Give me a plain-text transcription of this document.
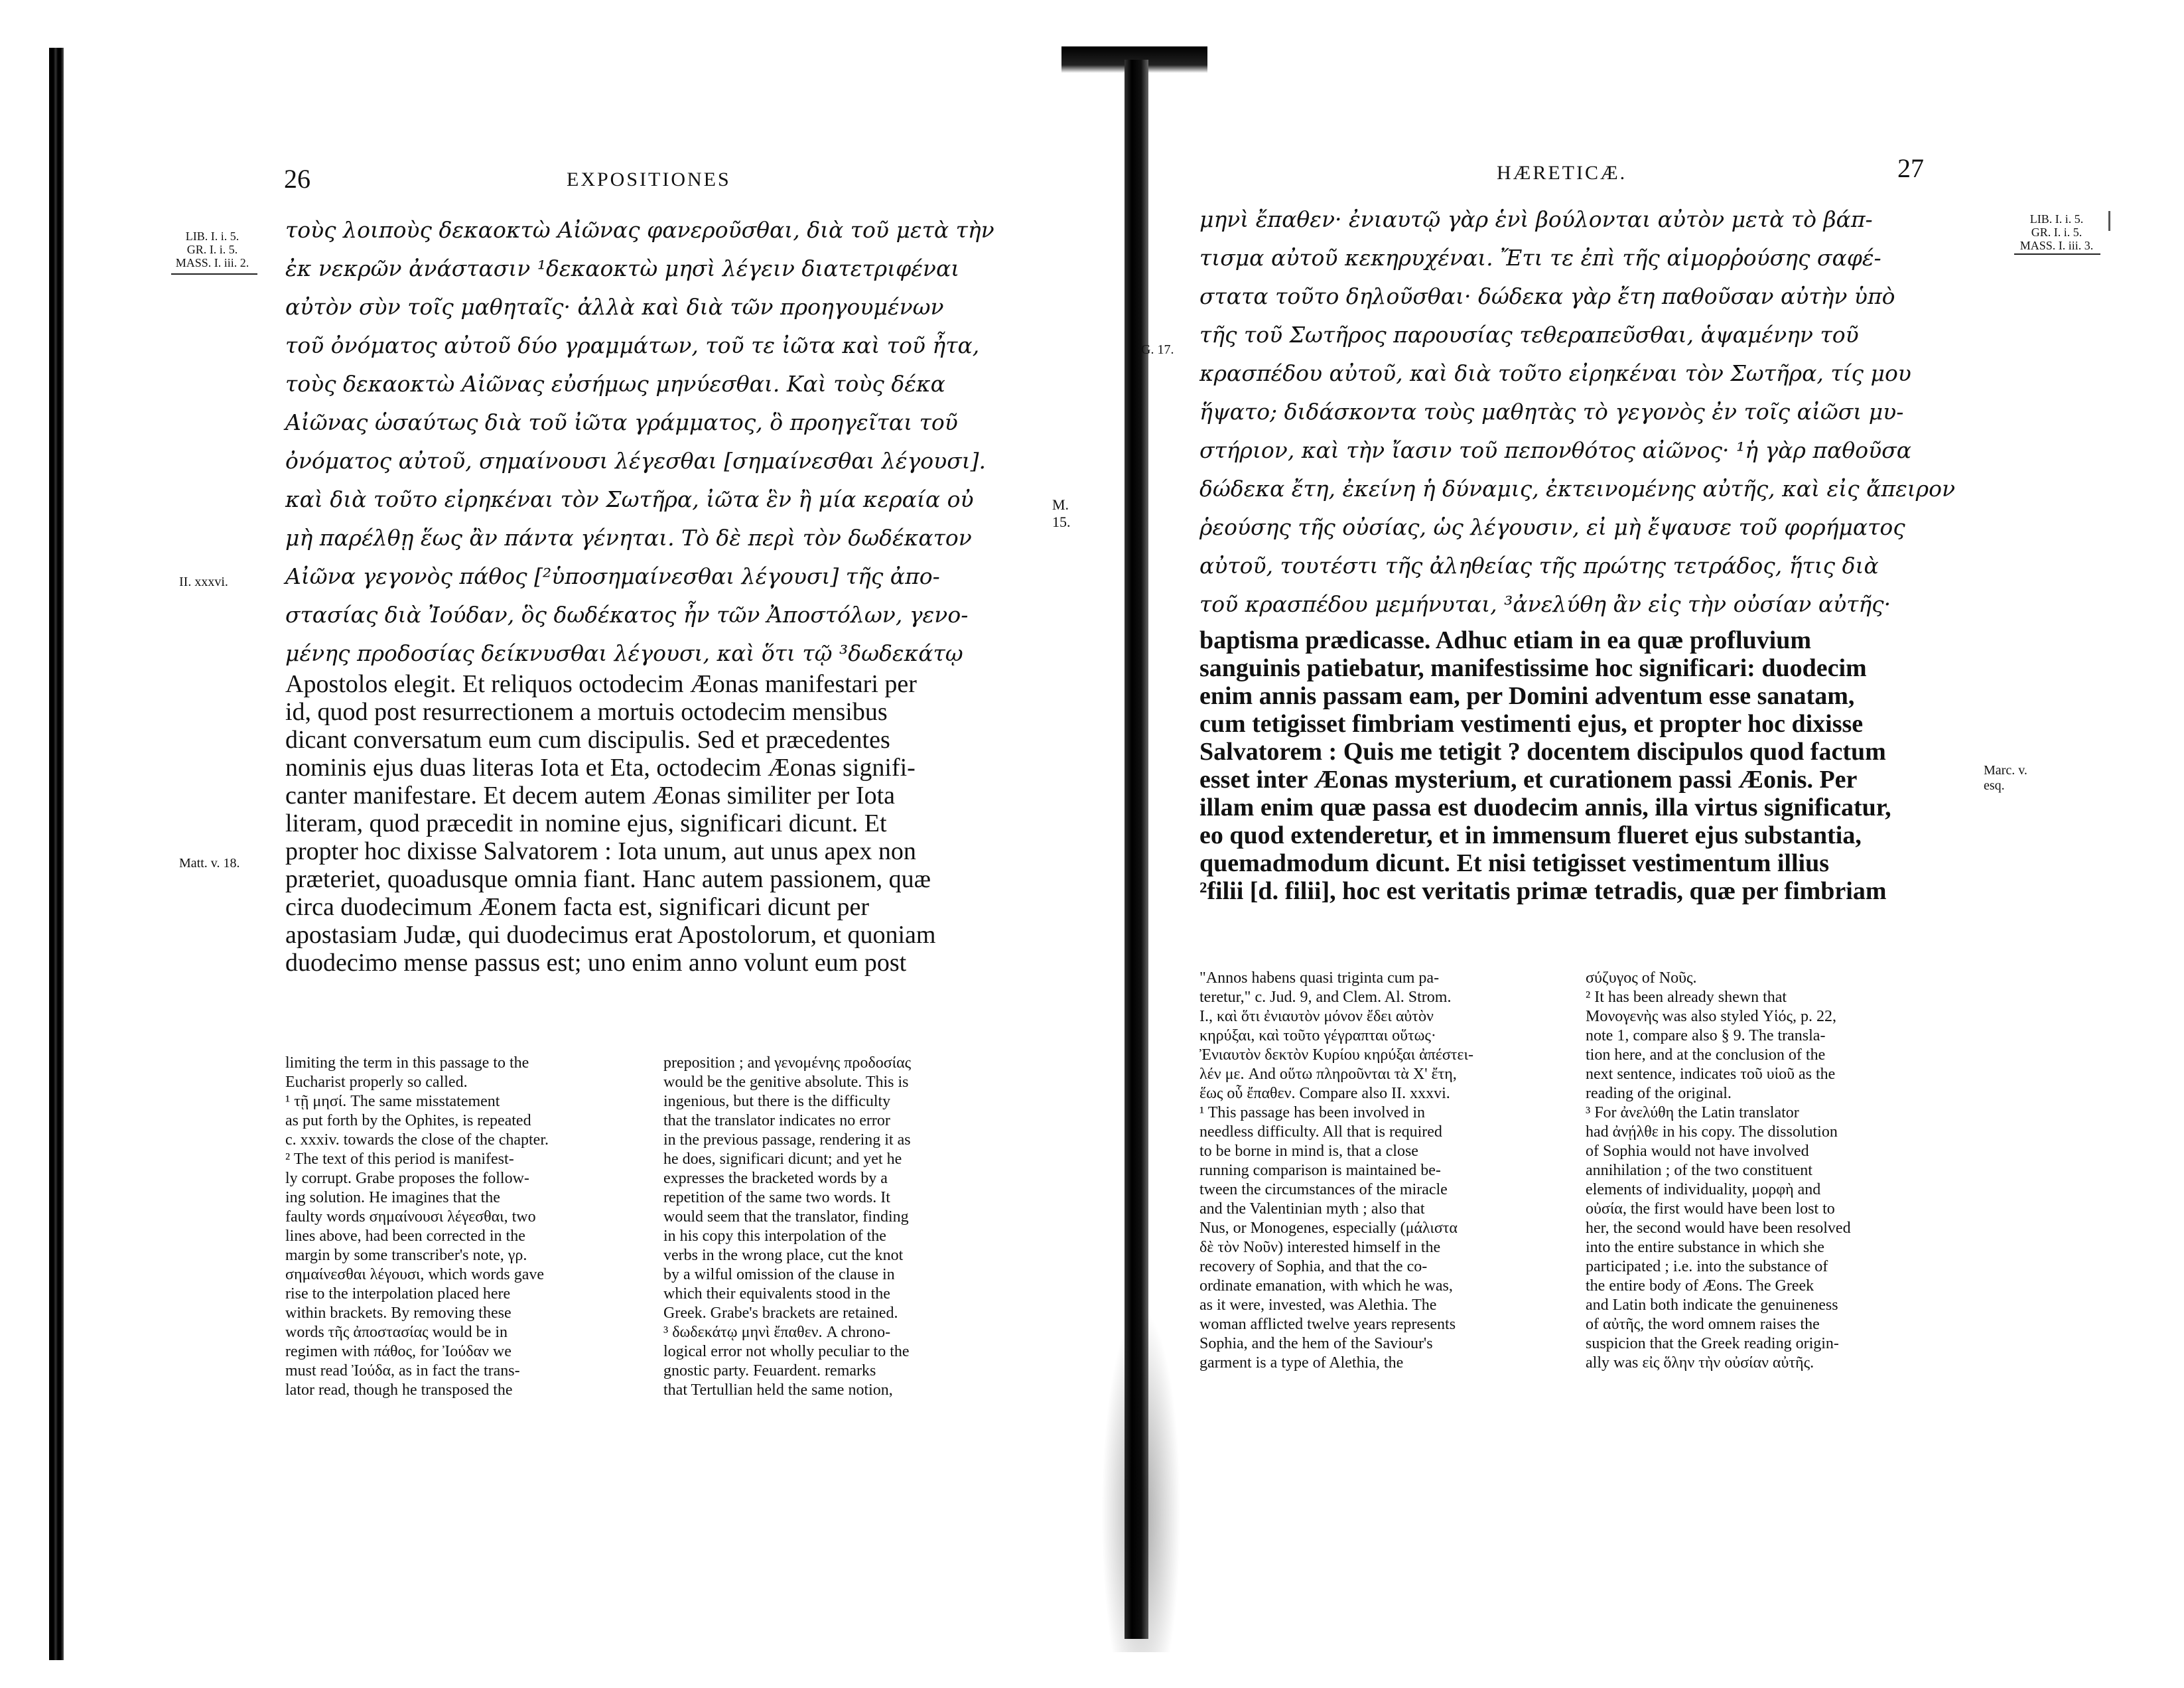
26	EXPOSITIONES
LIB. I. i. 5.
GR. I. i. 5.
MASS. I. iii. 2.
τοὺς λοιποὺς δεκαοκτὼ Αἰῶνας φανεροῦσθαι, διὰ τοῦ μετὰ τὴν
ἐκ νεκρῶν ἀνάστασιν ¹δεκαοκτὼ μησὶ λέγειν διατετριφέναι
αὐτὸν σὺν τοῖς μαθηταῖς· ἀλλὰ καὶ διὰ τῶν προηγουμένων
τοῦ ὀνόματος αὐτοῦ δύο γραμμάτων, τοῦ τε ἰῶτα καὶ τοῦ ἦτα,
τοὺς δεκαοκτὼ Αἰῶνας εὐσήμως μηνύεσθαι. Καὶ τοὺς δέκα
Αἰῶνας ὡσαύτως διὰ τοῦ ἰῶτα γράμματος, ὃ προηγεῖται τοῦ
ὀνόματος αὐτοῦ, σημαίνουσι λέγεσθαι [σημαίνεσθαι λέγουσι].
καὶ διὰ τοῦτο εἰρηκέναι τὸν Σωτῆρα, ἰῶτα ἓν ἢ μία κεραία οὐ
μὴ παρέλθῃ ἕως ἂν πάντα γένηται. Τὸ δὲ περὶ τὸν δωδέκατον
Αἰῶνα γεγονὸς πάθος [²ὑποσημαίνεσθαι λέγουσι] τῆς ἀπο-
στασίας διὰ Ἰούδαν, ὃς δωδέκατος ἦν τῶν Ἀποστόλων, γενο-
μένης προδοσίας δείκνυσθαι λέγουσι, καὶ ὅτι τῷ ³δωδεκάτῳ
M. 15.
II. xxxvi.
Apostolos elegit. Et reliquos octodecim Æonas manifestari per
id, quod post resurrectionem a mortuis octodecim mensibus
dicant conversatum eum cum discipulis. Sed et præcedentes
nominis ejus duas literas Iota et Eta, octodecim Æonas signifi-
canter manifestare. Et decem autem Æonas similiter per Iota
literam, quod præcedit in nomine ejus, significari dicunt. Et
propter hoc dixisse Salvatorem : Iota unum, aut unus apex non
præteriet, quoadusque omnia fiant. Hanc autem passionem, quæ
circa duodecimum Æonem facta est, significari dicunt per
apostasiam Judæ, qui duodecimus erat Apostolorum, et quoniam
duodecimo mense passus est; uno enim anno volunt eum post
Matt. v. 18.
limiting the term in this passage to the
Eucharist properly so called.
¹ τῇ μησί. The same misstatement
as put forth by the Ophites, is repeated
c. xxxiv. towards the close of the chapter.
² The text of this period is manifest-
ly corrupt. Grabe proposes the follow-
ing solution. He imagines that the
faulty words σημαίνουσι λέγεσθαι, two
lines above, had been corrected in the
margin by some transcriber's note, γρ.
σημαίνεσθαι λέγουσι, which words gave
rise to the interpolation placed here
within brackets. By removing these
words τῆς ἀποστασίας would be in
regimen with πάθος, for Ἰούδαν we
must read Ἰούδα, as in fact the trans-
lator read, though he transposed the
preposition ; and γενομένης προδοσίας
would be the genitive absolute. This is
ingenious, but there is the difficulty
that the translator indicates no error
in the previous passage, rendering it as
he does, significari dicunt; and yet he
expresses the bracketed words by a
repetition of the same two words. It
would seem that the translator, finding
in his copy this interpolation of the
verbs in the wrong place, cut the knot
by a wilful omission of the clause in
which their equivalents stood in the
Greek. Grabe's brackets are retained.
³ δωδεκάτῳ μηνὶ ἔπαθεν. A chrono-
logical error not wholly peculiar to the
gnostic party. Feuardent. remarks
that Tertullian held the same notion,
HÆRETICÆ.	27
LIB. I. i. 5.
GR. I. i. 5.
MASS. I. iii. 3.
μηνὶ ἔπαθεν· ἐνιαυτῷ γὰρ ἑνὶ βούλονται αὐτὸν μετὰ τὸ βάπ-
τισμα αὐτοῦ κεκηρυχέναι. Ἔτι τε ἐπὶ τῆς αἱμορῥούσης σαφέ-
στατα τοῦτο δηλοῦσθαι· δώδεκα γὰρ ἔτη παθοῦσαν αὐτὴν ὑπὸ
τῆς τοῦ Σωτῆρος παρουσίας τεθεραπεῦσθαι, ἁψαμένην τοῦ
κρασπέδου αὐτοῦ, καὶ διὰ τοῦτο εἰρηκέναι τὸν Σωτῆρα, τίς μου
ἥψατο; διδάσκοντα τοὺς μαθητὰς τὸ γεγονὸς ἐν τοῖς αἰῶσι μυ-
στήριον, καὶ τὴν ἴασιν τοῦ πεπονθότος αἰῶνος· ¹ἡ γὰρ παθοῦσα
δώδεκα ἔτη, ἐκείνη ἡ δύναμις, ἐκτεινομένης αὐτῆς, καὶ εἰς ἄπειρον
ῥεούσης τῆς οὐσίας, ὡς λέγουσιν, εἰ μὴ ἔψαυσε τοῦ φορήματος
αὐτοῦ, τουτέστι τῆς ἀληθείας τῆς πρώτης τετράδος, ἥτις διὰ
τοῦ κρασπέδου μεμήνυται, ³ἀνελύθη ἂν εἰς τὴν οὐσίαν αὐτῆς·
G. 17.
baptisma prædicasse. Adhuc etiam in ea quæ profluvium
sanguinis patiebatur, manifestissime hoc significari: duodecim
enim annis passam eam, per Domini adventum esse sanatam,
cum tetigisset fimbriam vestimenti ejus, et propter hoc dixisse
Salvatorem : Quis me tetigit ? docentem discipulos quod factum
esset inter Æonas mysterium, et curationem passi Æonis. Per
illam enim quæ passa est duodecim annis, illa virtus significatur,
eo quod extenderetur, et in immensum flueret ejus substantia,
quemadmodum dicunt. Et nisi tetigisset vestimentum illius
²filii [d. filii], hoc est veritatis primæ tetradis, quæ per fimbriam
Marc. v.
esq.
"Annos habens quasi triginta cum pa-
teretur," c. Jud. 9, and Clem. Al. Strom.
I., καὶ ὅτι ἐνιαυτὸν μόνον ἔδει αὐτὸν
κηρύξαι, καὶ τοῦτο γέγραπται οὕτως·
Ἐνιαυτὸν δεκτὸν Κυρίου κηρύξαι ἀπέστει-
λέν με. And οὕτω πληροῦνται τὰ Χ' ἔτη,
ἕως οὗ ἔπαθεν. Compare also II. xxxvi.
¹ This passage has been involved in
needless difficulty. All that is required
to be borne in mind is, that a close
running comparison is maintained be-
tween the circumstances of the miracle
and the Valentinian myth ; also that
Nus, or Monogenes, especially (μάλιστα
δὲ τὸν Νοῦν) interested himself in the
recovery of Sophia, and that the co-
ordinate emanation, with which he was,
as it were, invested, was Alethia. The
woman afflicted twelve years represents
Sophia, and the hem of the Saviour's
garment is a type of Alethia, the
σύζυγος of Νοῦς.
² It has been already shewn that
Μονογενὴς was also styled Υἱός, p. 22,
note 1, compare also § 9. The transla-
tion here, and at the conclusion of the
next sentence, indicates τοῦ υἱοῦ as the
reading of the original.
³ For ἀνελύθη the Latin translator
had ἀνῄλθε in his copy. The dissolution
of Sophia would not have involved
annihilation ; of the two constituent
elements of individuality, μορφὴ and
οὐσία, the first would have been lost to
her, the second would have been resolved
into the entire substance in which she
participated ; i.e. into the substance of
the entire body of Æons. The Greek
and Latin both indicate the genuineness
of αὐτῆς, the word omnem raises the
suspicion that the Greek reading origin-
ally was εἰς ὅλην τὴν οὐσίαν αὐτῆς.
